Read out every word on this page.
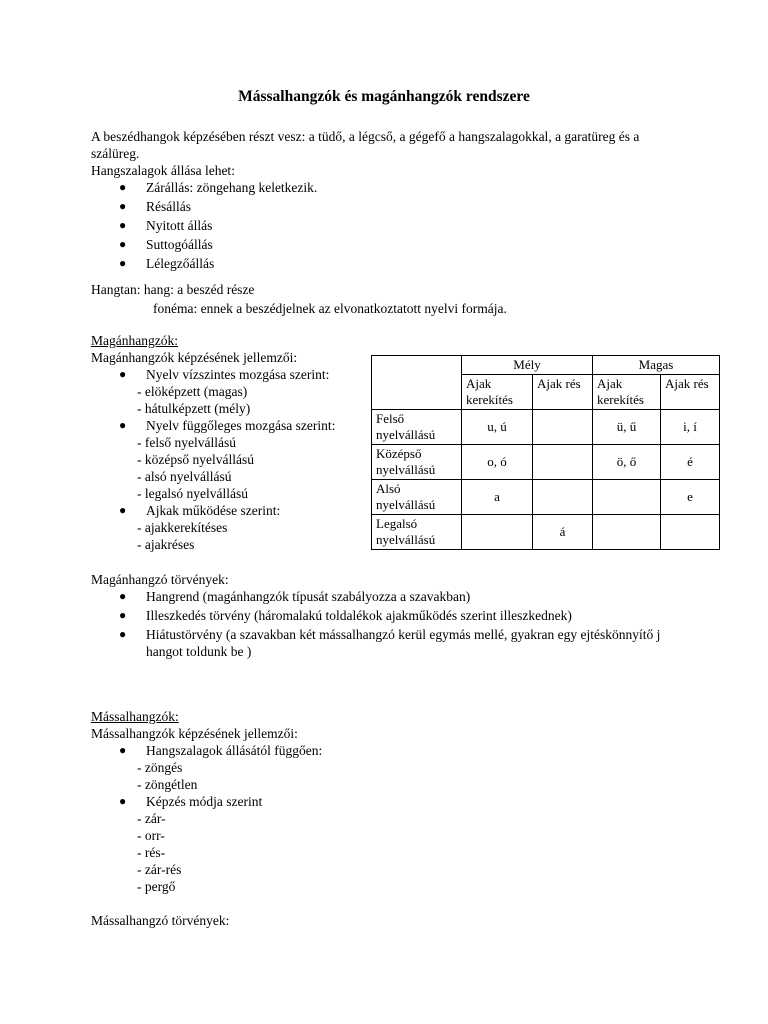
Mássalhangzók és magánhangzók rendszere
A beszédhangok képzésében részt vesz: a tüdő, a légcső, a gégefő a hangszalagokkal, a garatüreg és a szálüreg.
Hangszalagok állása lehet:
● Zárállás: zöngehang keletkezik.
● Résállás
● Nyitott állás
● Suttogóállás
● Lélegzőállás
Hangtan: hang: a beszéd része
fonéma: ennek a beszédjelnek az elvonatkoztatott nyelvi formája.
Magánhangzók:
Magánhangzók képzésének jellemzői:
● Nyelv vízszintes mozgása szerint:
- elöképzett (magas)
- hátulképzett (mély)
● Nyelv függőleges mozgása szerint:
- felső nyelvállású
- középső nyelvállású
- alsó nyelvállású
- legalsó nyelvállású
● Ajkak működése szerint:
- ajakkerekítéses
- ajakréses
	Mély		Magas	
	Ajak kerekítés	Ajak rés	Ajak kerekítés	Ajak rés
Felső nyelvállású	u, ú		ü, ű	i, í
Középső nyelvállású	o, ó		ö, ő	é
Alsó nyelvállású	a			e
Legalsó nyelvállású		á		
Magánhangzó törvények:
● Hangrend (magánhangzók típusát szabályozza a szavakban)
● Illeszkedés törvény (háromalakú toldalékok ajakműködés szerint illeszkednek)
● Hiátustörvény (a szavakban két mássalhangzó kerül egymás mellé, gyakran egy ejtéskönnyítő j hangot toldunk be )
Mássalhangzók:
Mássalhangzók képzésének jellemzői:
● Hangszalagok állásától függően:
- zöngés
- zöngétlen
● Képzés módja szerint
- zár-
- orr-
- rés-
- zár-rés
- pergő
Mássalhangzó törvények:
